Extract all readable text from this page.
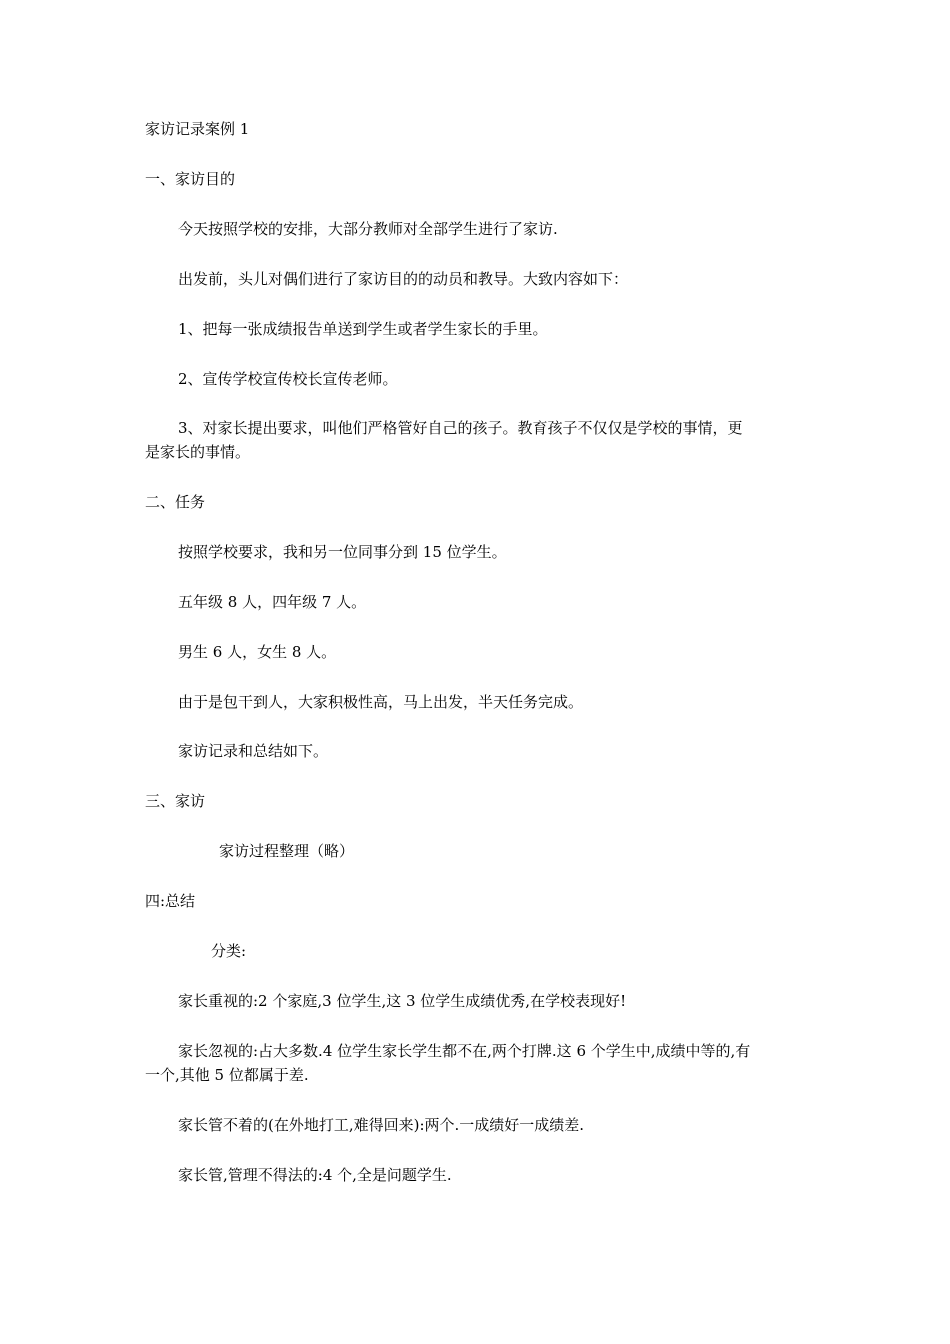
家访记录案例 1
一、家访目的
今天按照学校的安排，大部分教师对全部学生进行了家访.
出发前，头儿对偶们进行了家访目的的动员和教导。大致内容如下：
1、把每一张成绩报告单送到学生或者学生家长的手里。
2、宣传学校宣传校长宣传老师。
3、对家长提出要求，叫他们严格管好自己的孩子。教育孩子不仅仅是学校的事情，更
是家长的事情。
二、任务
按照学校要求，我和另一位同事分到 15 位学生。
五年级 8 人，四年级 7 人。
男生 6 人，女生 8 人。
由于是包干到人，大家积极性高，马上出发，半天任务完成。
家访记录和总结如下。
三、家访
家访过程整理（略）
四:总结
分类:
家长重视的:2 个家庭,3 位学生,这 3 位学生成绩优秀,在学校表现好!
家长忽视的:占大多数.4 位学生家长学生都不在,两个打牌.这 6 个学生中,成绩中等的,有
一个,其他 5 位都属于差.
家长管不着的(在外地打工,难得回来):两个.一成绩好一成绩差.
家长管,管理不得法的:4 个,全是问题学生.
